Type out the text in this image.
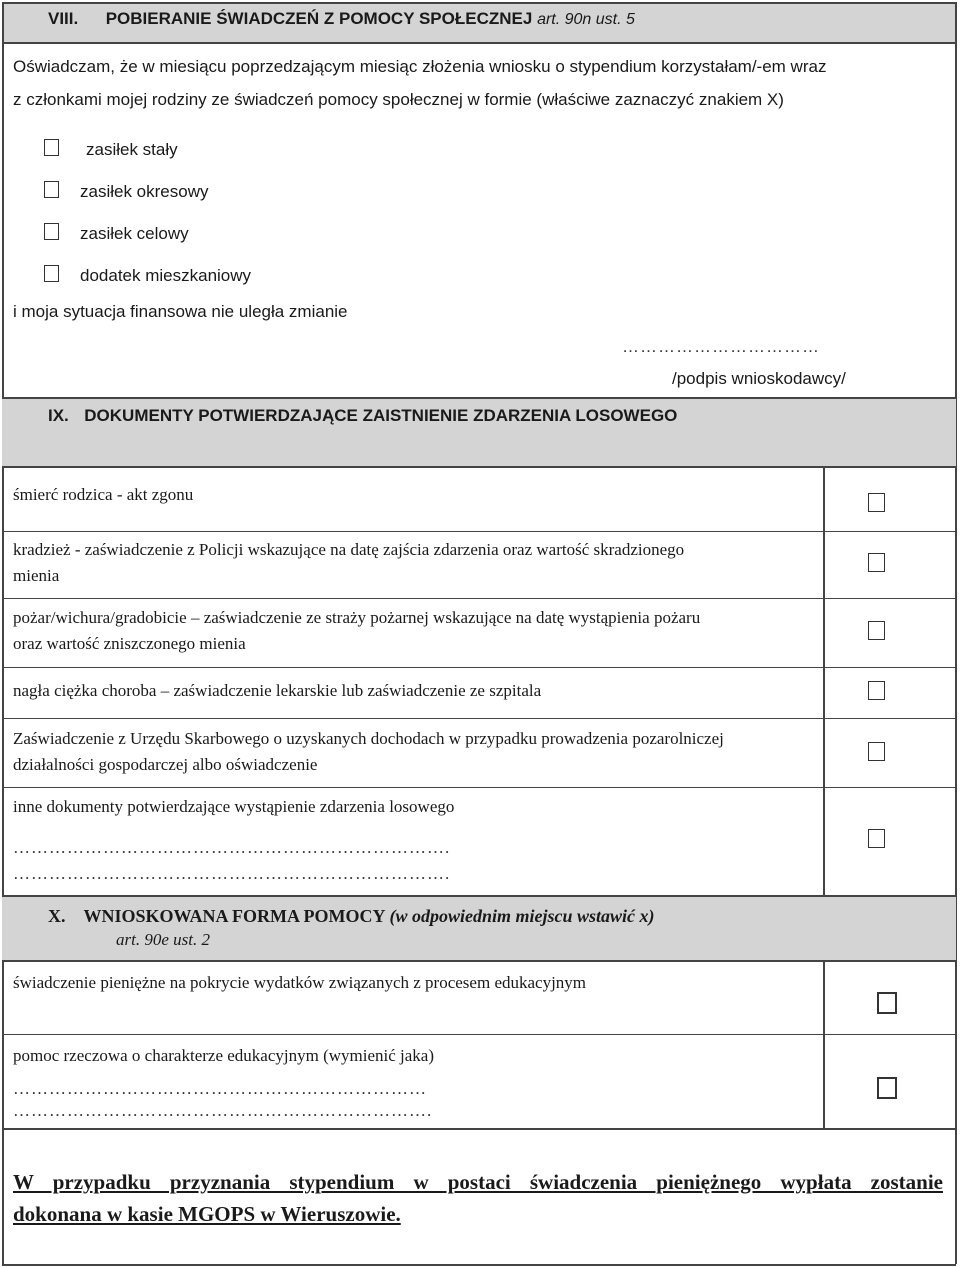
VIII. POBIERANIE ŚWIADCZEŃ Z POMOCY SPOŁECZNEJ art. 90n ust. 5
Oświadczam, że w miesiącu poprzedzającym miesiąc złożenia wniosku o stypendium korzystałam/-em wraz
z członkami mojej rodziny ze świadczeń pomocy społecznej w formie (właściwe zaznaczyć znakiem X)
zasiłek stały
zasiłek okresowy
zasiłek celowy
dodatek mieszkaniowy
i moja sytuacja finansowa nie uległa zmianie
……………………………
/podpis wnioskodawcy/
IX. DOKUMENTY POTWIERDZAJĄCE ZAISTNIENIE ZDARZENIA LOSOWEGO
śmierć rodzica - akt zgonu
kradzież - zaświadczenie z Policji wskazujące na datę zajścia zdarzenia oraz wartość skradzionego
mienia
pożar/wichura/gradobicie – zaświadczenie ze straży pożarnej wskazujące na datę wystąpienia pożaru
oraz wartość zniszczonego mienia
nagła ciężka choroba – zaświadczenie lekarskie lub zaświadczenie ze szpitala
Zaświadczenie z Urzędu Skarbowego o uzyskanych dochodach w przypadku prowadzenia pozarolniczej
działalności gospodarczej albo oświadczenie
inne dokumenty potwierdzające wystąpienie zdarzenia losowego
……………………………………………………………….
……………………………………………………………….
X. WNIOSKOWANA FORMA POMOCY (w odpowiednim miejscu wstawić x)
art. 90e ust. 2
świadczenie pieniężne na pokrycie wydatków związanych z procesem edukacyjnym
pomoc rzeczowa o charakterze edukacyjnym (wymienić jaka)
……………………………………………………………
…………………………………………………………….
W przypadku przyznania stypendium w postaci świadczenia pieniężnego wypłata zostanie
dokonana w kasie MGOPS w Wieruszowie.
